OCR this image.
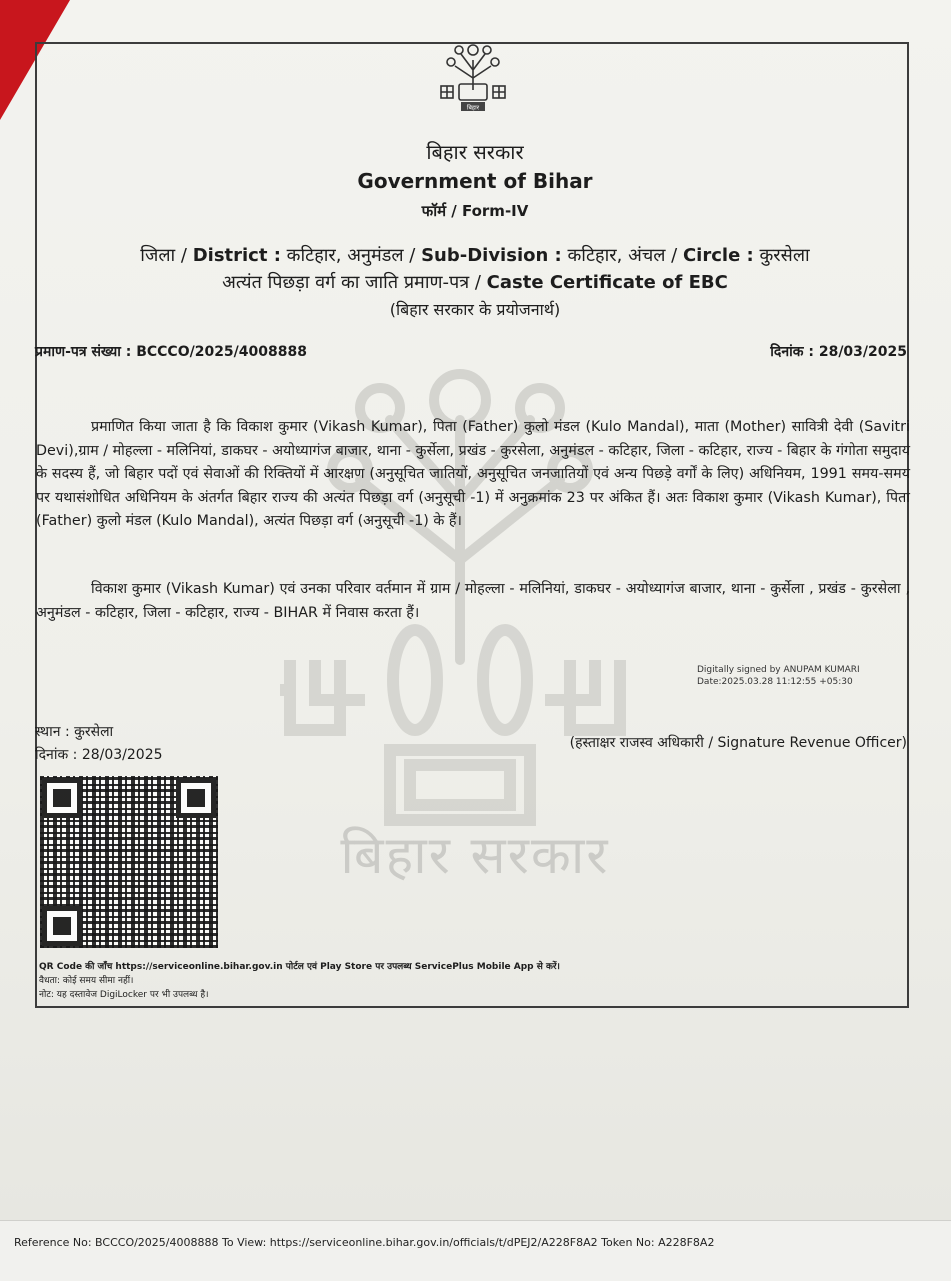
बिहार
बिहार सरकार
बिहार सरकार
Government of Bihar
फॉर्म / Form-IV
जिला / District : कटिहार, अनुमंडल / Sub-Division : कटिहार, अंचल / Circle : कुरसेला
अत्यंत पिछड़ा वर्ग का जाति प्रमाण-पत्र / Caste Certificate of EBC
(बिहार सरकार के प्रयोजनार्थ)
प्रमाण-पत्र संख्या : BCCCO/2025/4008888	दिनांक : 28/03/2025

प्रमाणित किया जाता है कि विकाश कुमार (Vikash Kumar), पिता (Father) कुलो मंडल (Kulo Mandal), माता (Mother) सावित्री देवी (Savitri Devi),ग्राम / मोहल्ला - मलिनियां, डाकघर - अयोध्यागंज बाजार, थाना - कुर्सेला, प्रखंड - कुरसेला, अनुमंडल - कटिहार, जिला - कटिहार, राज्य - बिहार के गंगोता समुदाय के सदस्य हैं, जो बिहार पदों एवं सेवाओं की रिक्तियों में आरक्षण (अनुसूचित जातियों, अनुसूचित जनजातियों एवं अन्य पिछड़े वर्गों के लिए) अधिनियम, 1991 समय-समय पर यथासंशोधित अधिनियम के अंतर्गत बिहार राज्य की अत्यंत पिछड़ा वर्ग (अनुसूची -1) में अनुक्रमांक 23 पर अंकित हैं। अतः विकाश कुमार (Vikash Kumar), पिता (Father) कुलो मंडल (Kulo Mandal), अत्यंत पिछड़ा वर्ग (अनुसूची -1) के हैं।

विकाश कुमार (Vikash Kumar) एवं उनका परिवार वर्तमान में ग्राम / मोहल्ला - मलिनियां, डाकघर - अयोध्यागंज बाजार, थाना - कुर्सेला , प्रखंड - कुरसेला , अनुमंडल - कटिहार, जिला - कटिहार, राज्य - BIHAR में निवास करता हैं।

Digitally signed by ANUPAM KUMARI
Date:2025.03.28 11:12:55 +05:30
स्थान : कुरसेला
दिनांक : 28/03/2025
(हस्ताक्षर राजस्व अधिकारी / Signature Revenue Officer)
QR Code की जाँच https://serviceonline.bihar.gov.in पोर्टल एवं Play Store पर उपलब्ध ServicePlus Mobile App से करें।
वैधता: कोई समय सीमा नहीं।
नोट: यह दस्तावेज DigiLocker पर भी उपलब्ध है।
Reference No: BCCCO/2025/4008888 To View: https://serviceonline.bihar.gov.in/officials/t/dPEJ2/A228F8A2 Token No: A228F8A2
